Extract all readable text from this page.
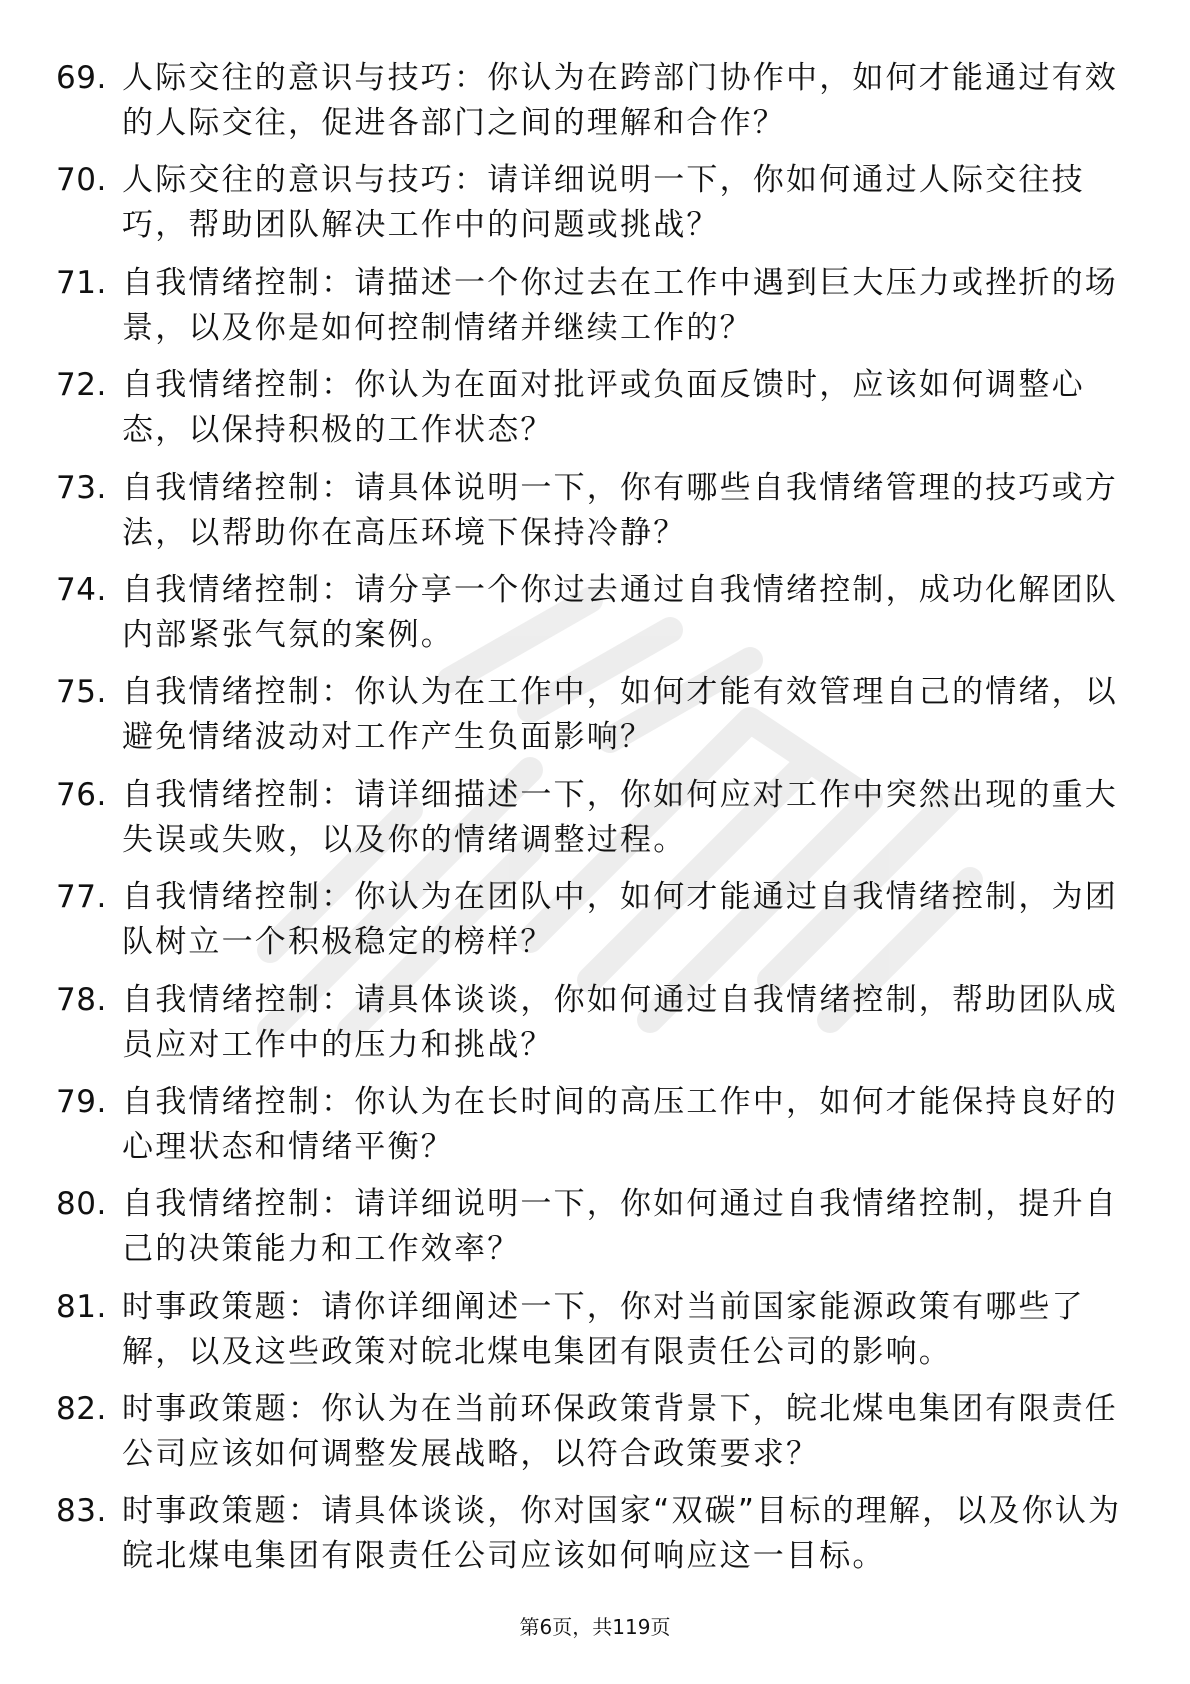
69. 人际交往的意识与技巧：你认为在跨部门协作中，如何才能通过有效的人际交往，促进各部门之间的理解和合作？
70. 人际交往的意识与技巧：请详细说明一下，你如何通过人际交往技巧，帮助团队解决工作中的问题或挑战？
71. 自我情绪控制：请描述一个你过去在工作中遇到巨大压力或挫折的场景，以及你是如何控制情绪并继续工作的？
72. 自我情绪控制：你认为在面对批评或负面反馈时，应该如何调整心态，以保持积极的工作状态？
73. 自我情绪控制：请具体说明一下，你有哪些自我情绪管理的技巧或方法，以帮助你在高压环境下保持冷静？
74. 自我情绪控制：请分享一个你过去通过自我情绪控制，成功化解团队内部紧张气氛的案例。
75. 自我情绪控制：你认为在工作中，如何才能有效管理自己的情绪，以避免情绪波动对工作产生负面影响？
76. 自我情绪控制：请详细描述一下，你如何应对工作中突然出现的重大失误或失败，以及你的情绪调整过程。
77. 自我情绪控制：你认为在团队中，如何才能通过自我情绪控制，为团队树立一个积极稳定的榜样？
78. 自我情绪控制：请具体谈谈，你如何通过自我情绪控制，帮助团队成员应对工作中的压力和挑战？
79. 自我情绪控制：你认为在长时间的高压工作中，如何才能保持良好的心理状态和情绪平衡？
80. 自我情绪控制：请详细说明一下，你如何通过自我情绪控制，提升自己的决策能力和工作效率？
81. 时事政策题：请你详细阐述一下，你对当前国家能源政策有哪些了解，以及这些政策对皖北煤电集团有限责任公司的影响。
82. 时事政策题：你认为在当前环保政策背景下，皖北煤电集团有限责任公司应该如何调整发展战略，以符合政策要求？
83. 时事政策题：请具体谈谈，你对国家“双碳”目标的理解，以及你认为皖北煤电集团有限责任公司应该如何响应这一目标。
第6页，共119页
